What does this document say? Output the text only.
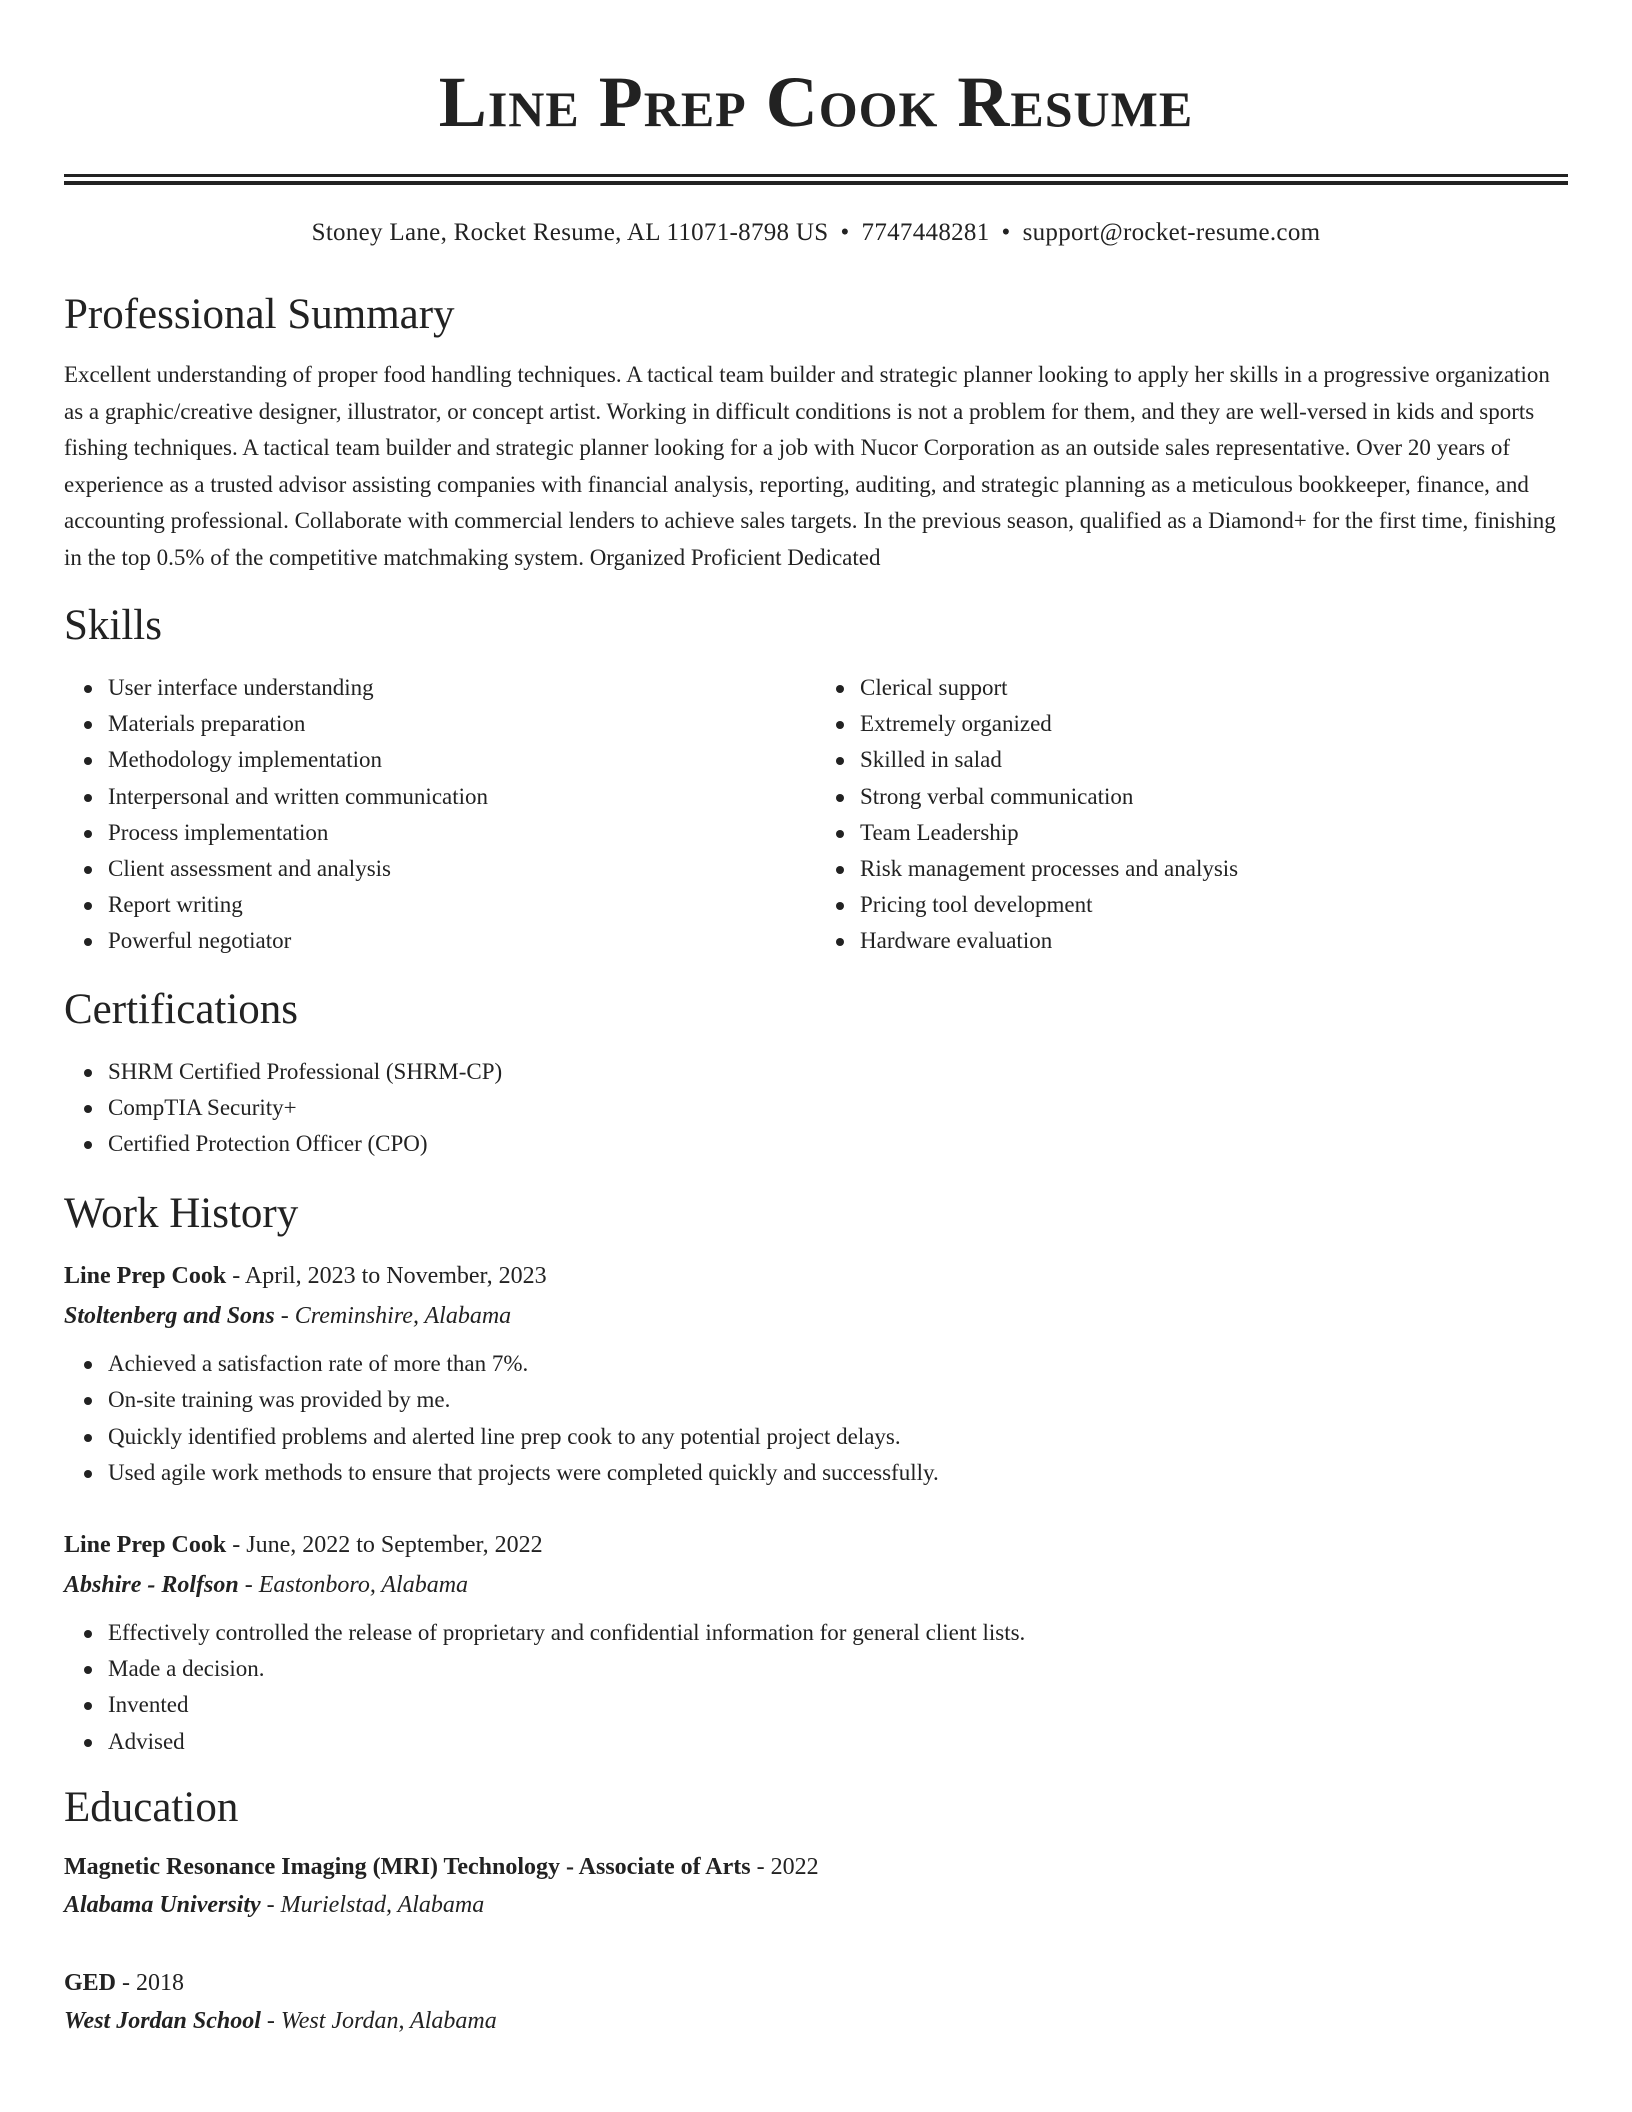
Line Prep Cook Resume
Stoney Lane, Rocket Resume, AL 11071-8798 US • 7747448281 • support@rocket-resume.com
Professional Summary

Excellent understanding of proper food handling techniques. A tactical team builder and strategic planner looking to apply her skills in a progressive organization as a graphic/creative designer, illustrator, or concept artist. Working in difficult conditions is not a problem for them, and they are well-versed in kids and sports fishing techniques. A tactical team builder and strategic planner looking for a job with Nucor Corporation as an outside sales representative. Over 20 years of experience as a trusted advisor assisting companies with financial analysis, reporting, auditing, and strategic planning as a meticulous bookkeeper, finance, and accounting professional. Collaborate with commercial lenders to achieve sales targets. In the previous season, qualified as a Diamond+ for the first time, finishing in the top 0.5% of the competitive matchmaking system. Organized Proficient Dedicated

Skills
User interface understanding
Materials preparation
Methodology implementation
Interpersonal and written communication
Process implementation
Client assessment and analysis
Report writing
Powerful negotiator
Clerical support
Extremely organized
Skilled in salad
Strong verbal communication
Team Leadership
Risk management processes and analysis
Pricing tool development
Hardware evaluation
Certifications
SHRM Certified Professional (SHRM-CP)
CompTIA Security+
Certified Protection Officer (CPO)
Work History
Line Prep Cook - April, 2023 to November, 2023
Stoltenberg and Sons - Creminshire, Alabama
Achieved a satisfaction rate of more than 7%.
On-site training was provided by me.
Quickly identified problems and alerted line prep cook to any potential project delays.
Used agile work methods to ensure that projects were completed quickly and successfully.
Line Prep Cook - June, 2022 to September, 2022
Abshire - Rolfson - Eastonboro, Alabama
Effectively controlled the release of proprietary and confidential information for general client lists.
Made a decision.
Invented
Advised
Education
Magnetic Resonance Imaging (MRI) Technology - Associate of Arts - 2022
Alabama University - Murielstad, Alabama
GED - 2018
West Jordan School - West Jordan, Alabama
